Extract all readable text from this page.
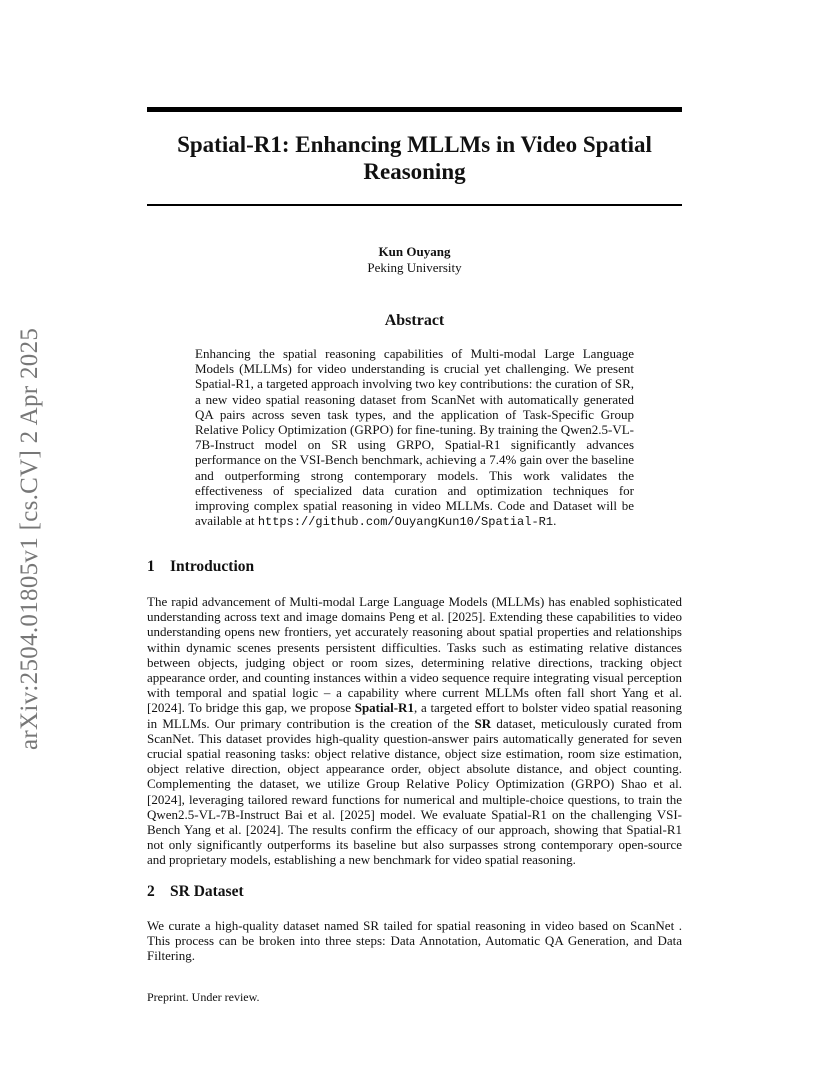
arXiv:2504.01805v1 [cs.CV] 2 Apr 2025
Spatial-R1: Enhancing MLLMs in Video Spatial Reasoning
Kun Ouyang
Peking University
Abstract

Enhancing the spatial reasoning capabilities of Multi-modal Large Language Models (MLLMs) for video understanding is crucial yet challenging. We present Spatial-R1, a targeted approach involving two key contributions: the curation of SR, a new video spatial reasoning dataset from ScanNet with automatically generated QA pairs across seven task types, and the application of Task-Specific Group Relative Policy Optimization (GRPO) for fine-tuning. By training the Qwen2.5-VL-7B-Instruct model on SR using GRPO, Spatial-R1 significantly advances performance on the VSI-Bench benchmark, achieving a 7.4% gain over the baseline and outperforming strong contemporary models. This work validates the effectiveness of specialized data curation and optimization techniques for improving complex spatial reasoning in video MLLMs. Code and Dataset will be available at https://github.com/OuyangKun10/Spatial-R1.

1 Introduction

The rapid advancement of Multi-modal Large Language Models (MLLMs) has enabled sophisticated understanding across text and image domains Peng et al. [2025]. Extending these capabilities to video understanding opens new frontiers, yet accurately reasoning about spatial properties and relationships within dynamic scenes presents persistent difficulties. Tasks such as estimating relative distances between objects, judging object or room sizes, determining relative directions, tracking object appearance order, and counting instances within a video sequence require integrating visual perception with temporal and spatial logic – a capability where current MLLMs often fall short Yang et al. [2024]. To bridge this gap, we propose Spatial-R1, a targeted effort to bolster video spatial reasoning in MLLMs. Our primary contribution is the creation of the SR dataset, meticulously curated from ScanNet. This dataset provides high-quality question-answer pairs automatically generated for seven crucial spatial reasoning tasks: object relative distance, object size estimation, room size estimation, object relative direction, object appearance order, object absolute distance, and object counting. Complementing the dataset, we utilize Group Relative Policy Optimization (GRPO) Shao et al. [2024], leveraging tailored reward functions for numerical and multiple-choice questions, to train the Qwen2.5-VL-7B-Instruct Bai et al. [2025] model. We evaluate Spatial-R1 on the challenging VSI-Bench Yang et al. [2024]. The results confirm the efficacy of our approach, showing that Spatial-R1 not only significantly outperforms its baseline but also surpasses strong contemporary open-source and proprietary models, establishing a new benchmark for video spatial reasoning.

2 SR Dataset

We curate a high-quality dataset named SR tailed for spatial reasoning in video based on ScanNet . This process can be broken into three steps: Data Annotation, Automatic QA Generation, and Data Filtering.

Preprint. Under review.
